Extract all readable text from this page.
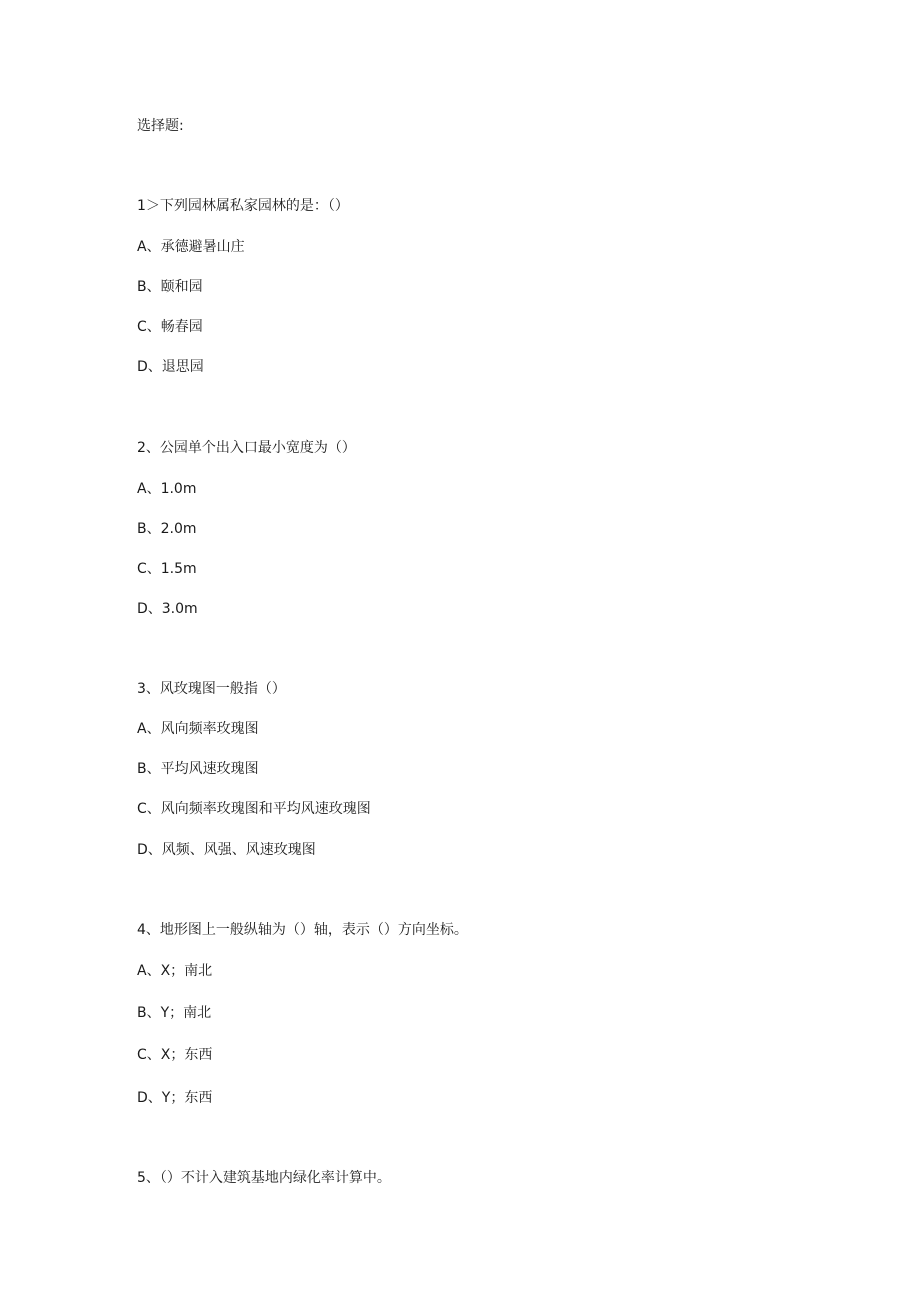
选择题:
1＞下列园林属私家园林的是：（）
A、承德避暑山庄
B、颐和园
C、畅春园
D、退思园
2、公园单个出入口最小宽度为（）
A、1.0m
B、2.0m
C、1.5m
D、3.0m
3、风玫瑰图一般指（）
A、风向频率玫瑰图
B、平均风速玫瑰图
C、风向频率玫瑰图和平均风速玫瑰图
D、风频、风强、风速玫瑰图
4、地形图上一般纵轴为（）轴，表示（）方向坐标。
A、X；南北
B、Y；南北
C、X；东西
D、Y；东西
5、（）不计入建筑基地内绿化率计算中。
